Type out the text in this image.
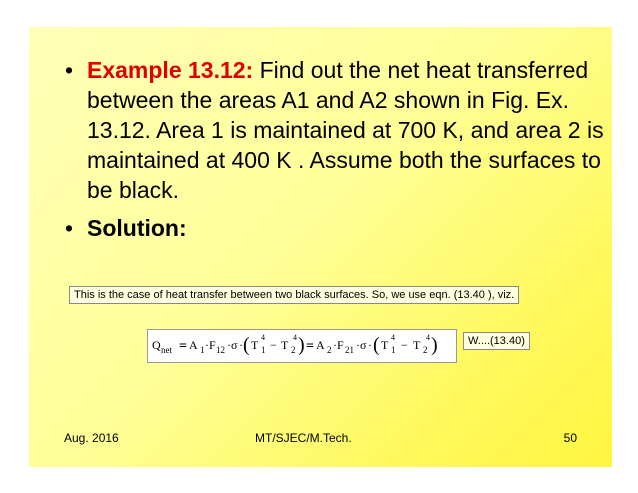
• Example 13.12: Find out the net heat transferred between the areas A1 and A2 shown in Fig. Ex. 13.12. Area 1 is maintained at 700 K, and area 2 is maintained at 400 K . Assume both the surfaces to be black.
• Solution:
This is the case of heat transfer between two black surfaces. So, we use eqn. (13.40 ), viz.
Q net = A 1 · F 12 · σ · ( T 1
4
− T 2
4 ) = A 2 · F 21 · σ · ( T 1
4
− T 2
4 )	W....(13.40)
Aug. 2016	MT/SJEC/M.Tech.	50
